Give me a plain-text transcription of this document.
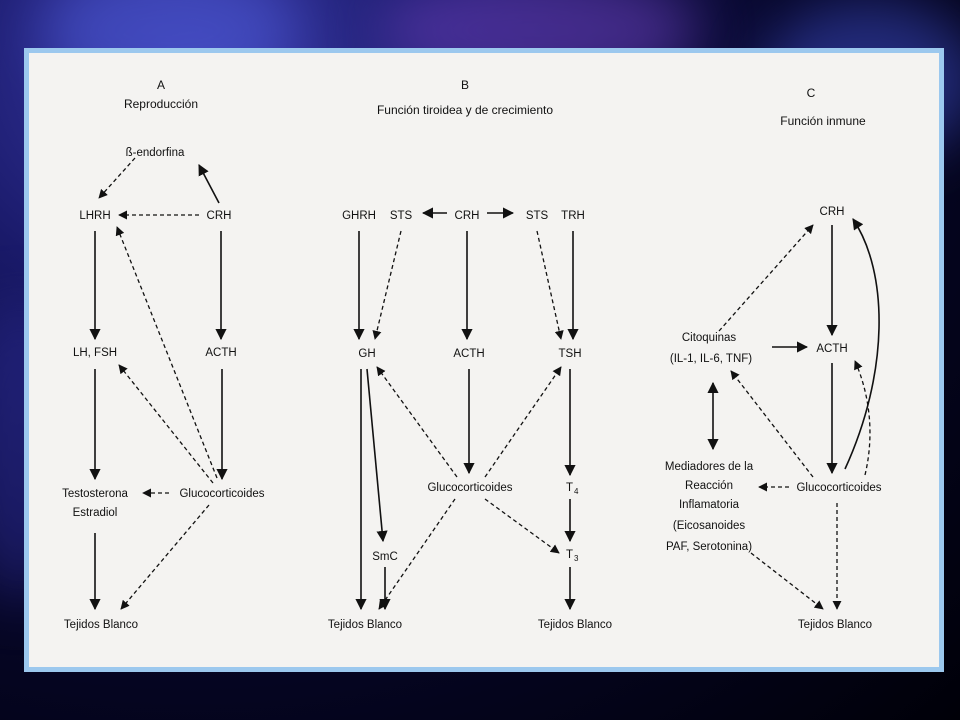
A
Reproducción
ß-endorfina
LHRH	CRH
LH, FSH	ACTH
Testosterona
Estradiol
Glucocorticoides
Tejidos Blanco
B
Función tiroidea y de crecimiento
GHRH STS	CRH	STS TRH
GH	ACTH	TSH
Glucocorticoides	T 4
T 3
SmC
Tejidos Blanco	Tejidos Blanco
C
Función inmune
CRH
Citoquinas
(IL-1, IL-6, TNF)
ACTH
Mediadores de la
Reacción
Inflamatoria
(Eicosanoides
PAF, Serotonina)
Glucocorticoides
Tejidos Blanco
